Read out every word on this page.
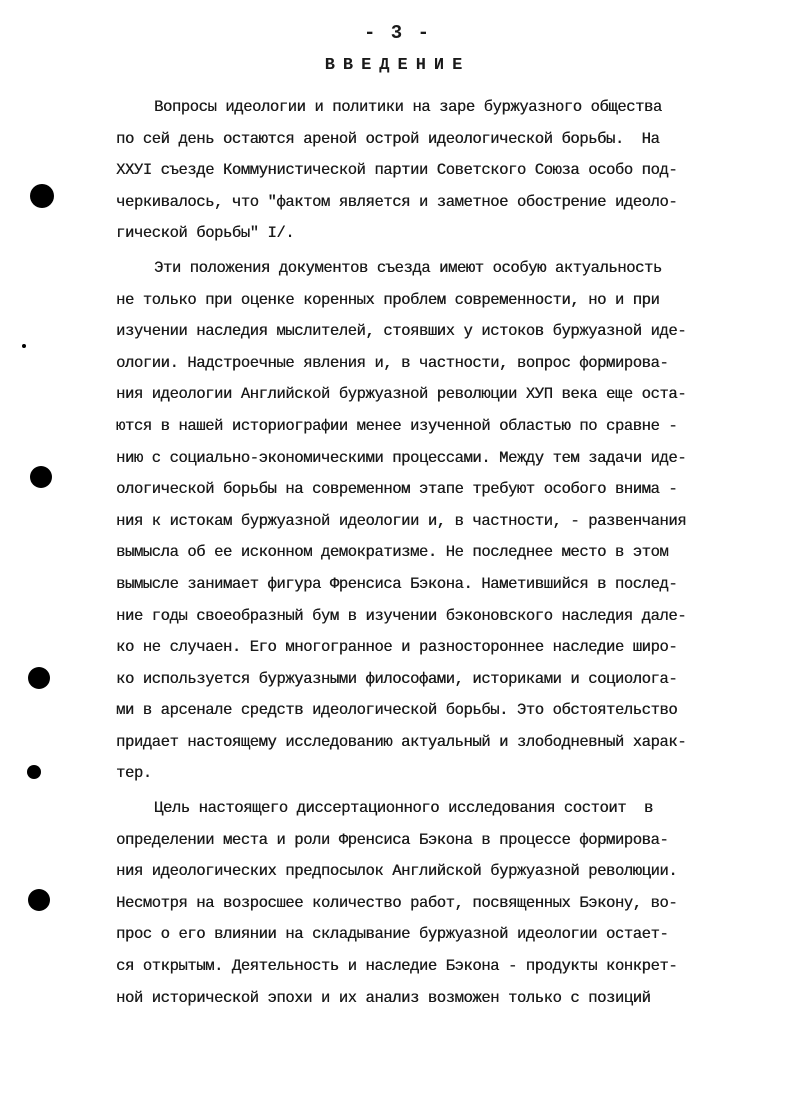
- 3 -
ВВЕДЕНИЕ
Вопросы идеологии и политики на заре буржуазного общества
по сей день остаются ареной острой идеологической борьбы.  На
ХХУI съезде Коммунистической партии Советского Союза особо под-
черкивалось, что "фактом является и заметное обострение идеоло-
гической борьбы" I/.
Эти положения документов съезда имеют особую актуальность
не только при оценке коренных проблем современности, но и при
изучении наследия мыслителей, стоявших у истоков буржуазной иде-
ологии. Надстроечные явления и, в частности, вопрос формирова-
ния идеологии Английской буржуазной революции ХУП века еще оста-
ются в нашей историографии менее изученной областью по сравне -
нию с социально-экономическими процессами. Между тем задачи иде-
ологической борьбы на современном этапе требуют особого внима -
ния к истокам буржуазной идеологии и, в частности, - развенчания
вымысла об ее исконном демократизме. Не последнее место в этом
вымысле занимает фигура Френсиса Бэкона. Наметившийся в послед-
ние годы своеобразный бум в изучении бэконовского наследия дале-
ко не случаен. Его многогранное и разностороннее наследие широ-
ко используется буржуазными философами, историками и социолога-
ми в арсенале средств идеологической борьбы. Это обстоятельство
придает настоящему исследованию актуальный и злободневный харак-
тер.
Цель настоящего диссертационного исследования состоит  в
определении места и роли Френсиса Бэкона в процессе формирова-
ния идеологических предпосылок Английской буржуазной революции.
Несмотря на возросшее количество работ, посвященных Бэкону, во-
прос о его влиянии на складывание буржуазной идеологии остает-
ся открытым. Деятельность и наследие Бэкона - продукты конкрет-
ной исторической эпохи и их анализ возможен только с позиций
